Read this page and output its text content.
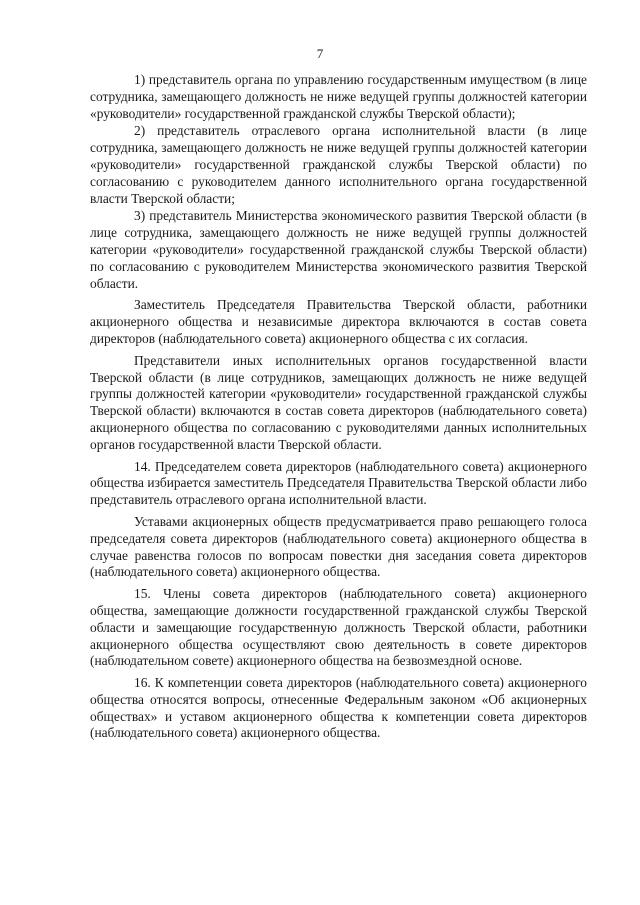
7

1) представитель органа по управлению государственным имуществом (в лице сотрудника, замещающего должность не ниже ведущей группы должностей категории «руководители» государственной гражданской службы Тверской области);

2) представитель отраслевого органа исполнительной власти (в лице сотрудника, замещающего должность не ниже ведущей группы должностей категории «руководители» государственной гражданской службы Тверской области) по согласованию с руководителем данного исполнительного органа государственной власти Тверской области;

3) представитель Министерства экономического развития Тверской области (в лице сотрудника, замещающего должность не ниже ведущей группы должностей категории «руководители» государственной гражданской службы Тверской области) по согласованию с руководителем Министерства экономического развития Тверской области.

Заместитель Председателя Правительства Тверской области, работники акционерного общества и независимые директора включаются в состав совета директоров (наблюдательного совета) акционерного общества с их согласия.

Представители иных исполнительных органов государственной власти Тверской области (в лице сотрудников, замещающих должность не ниже ведущей группы должностей категории «руководители» государственной гражданской службы Тверской области) включаются в состав совета директоров (наблюдательного совета) акционерного общества по согласованию с руководителями данных исполнительных органов государственной власти Тверской области.

14. Председателем совета директоров (наблюдательного совета) акционерного общества избирается заместитель Председателя Правительства Тверской области либо представитель отраслевого органа исполнительной власти.

Уставами акционерных обществ предусматривается право решающего голоса председателя совета директоров (наблюдательного совета) акционерного общества в случае равенства голосов по вопросам повестки дня заседания совета директоров (наблюдательного совета) акционерного общества.

15. Члены совета директоров (наблюдательного совета) акционерного общества, замещающие должности государственной гражданской службы Тверской области и замещающие государственную должность Тверской области, работники акционерного общества осуществляют свою деятельность в совете директоров (наблюдательном совете) акционерного общества на безвозмездной основе.

16. К компетенции совета директоров (наблюдательного совета) акционерного общества относятся вопросы, отнесенные Федеральным законом «Об акционерных обществах» и уставом акционерного общества к компетенции совета директоров (наблюдательного совета) акционерного общества.
